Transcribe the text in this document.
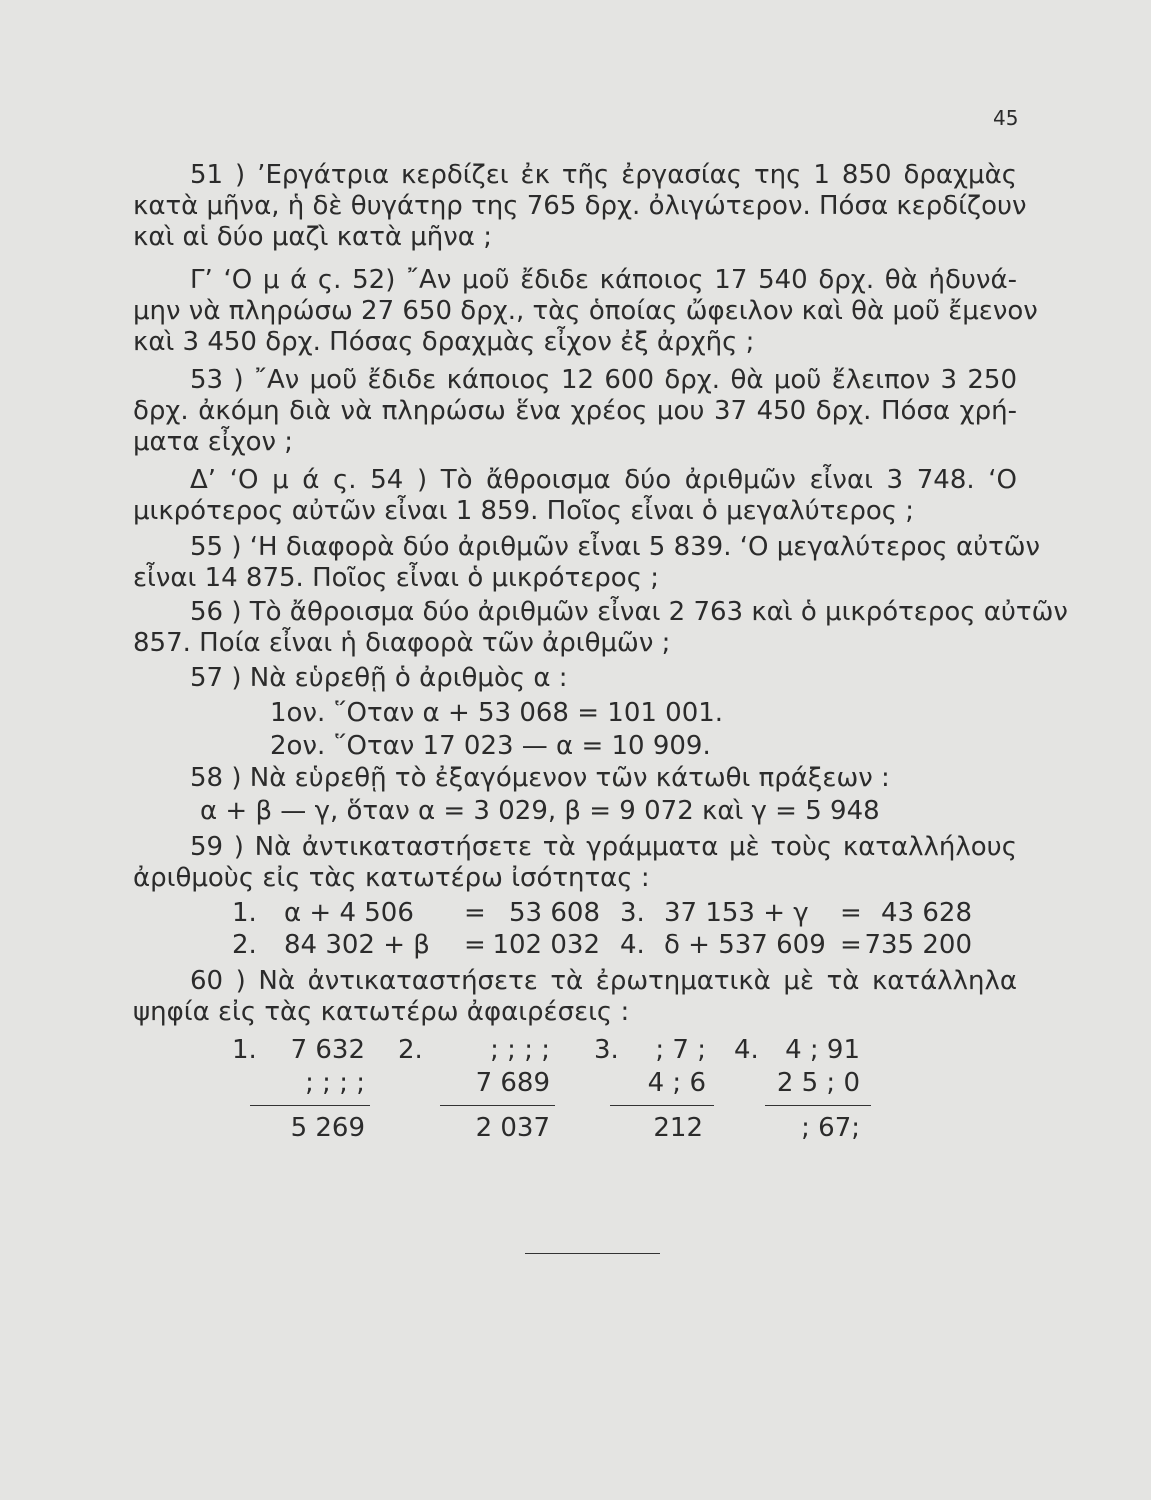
45
51 ) ’Εργάτρια κερδίζει ἐκ τῆς ἐργασίας της 1 850 δραχμὰς
κατὰ μῆνα, ἡ δὲ θυγάτηρ της 765 δρχ. ὀλιγώτερον. Πόσα κερδίζουν
καὶ αἱ δύο μαζὶ κατὰ μῆνα ;
Γ’ ‘Ο μ ά ς. 52) ῎Αν μοῦ ἔδιδε κάποιος 17 540 δρχ. θὰ ἠδυνά-
μην νὰ πληρώσω 27 650 δρχ., τὰς ὁποίας ὤφειλον καὶ θὰ μοῦ ἔμενον
καὶ 3 450 δρχ. Πόσας δραχμὰς εἶχον ἐξ ἀρχῆς ;
53 ) ῎Αν μοῦ ἔδιδε κάποιος 12 600 δρχ. θὰ μοῦ ἔλειπον 3 250
δρχ. ἀκόμη διὰ νὰ πληρώσω ἕνα χρέος μου 37 450 δρχ. Πόσα χρή-
ματα εἶχον ;
Δ’ ‘Ο μ ά ς. 54 ) Τὸ ἄθροισμα δύο ἀριθμῶν εἶναι 3 748. ‘Ο
μικρότερος αὐτῶν εἶναι 1 859. Ποῖος εἶναι ὁ μεγαλύτερος ;
55 ) ‘Η διαφορὰ δύο ἀριθμῶν εἶναι 5 839. ‘Ο μεγαλύτερος αὐτῶν
εἶναι 14 875. Ποῖος εἶναι ὁ μικρότερος ;
56 ) Τὸ ἄθροισμα δύο ἀριθμῶν εἶναι 2 763 καὶ ὁ μικρότερος αὐτῶν
857. Ποία εἶναι ἡ διαφορὰ τῶν ἀριθμῶν ;
57 ) Νὰ εὑρεθῇ ὁ ἀριθμὸς α :
1ον. ῞Οταν α + 53 068 = 101 001.
2ον. ῞Οταν 17 023 — α = 10 909.
58 ) Νὰ εὑρεθῇ τὸ ἐξαγόμενον τῶν κάτωθι πράξεων :
α + β — γ, ὅταν α = 3 029, β = 9 072 καὶ γ = 5 948
59 ) Νὰ ἀντικαταστήσετε τὰ γράμματα μὲ τοὺς καταλλήλους
ἀριθμοὺς εἰς τὰς κατωτέρω ἰσότητας :
1. α + 4 506 = 53 608 3. 37 153 + γ = 43 628
2. 84 302 + β = 102 032 4. δ + 537 609 = 735 200
60 ) Νὰ ἀντικαταστήσετε τὰ ἐρωτηματικὰ μὲ τὰ κατάλληλα
ψηφία εἰς τὰς κατωτέρω ἀφαιρέσεις :
1.	7 632
; ; ; ;
5 269
2.	; ; ; ;
7 689
2 037
3.	; 7 ;
4 ; 6
212
4.	4 ; 91
2 5 ; 0
; 67;
